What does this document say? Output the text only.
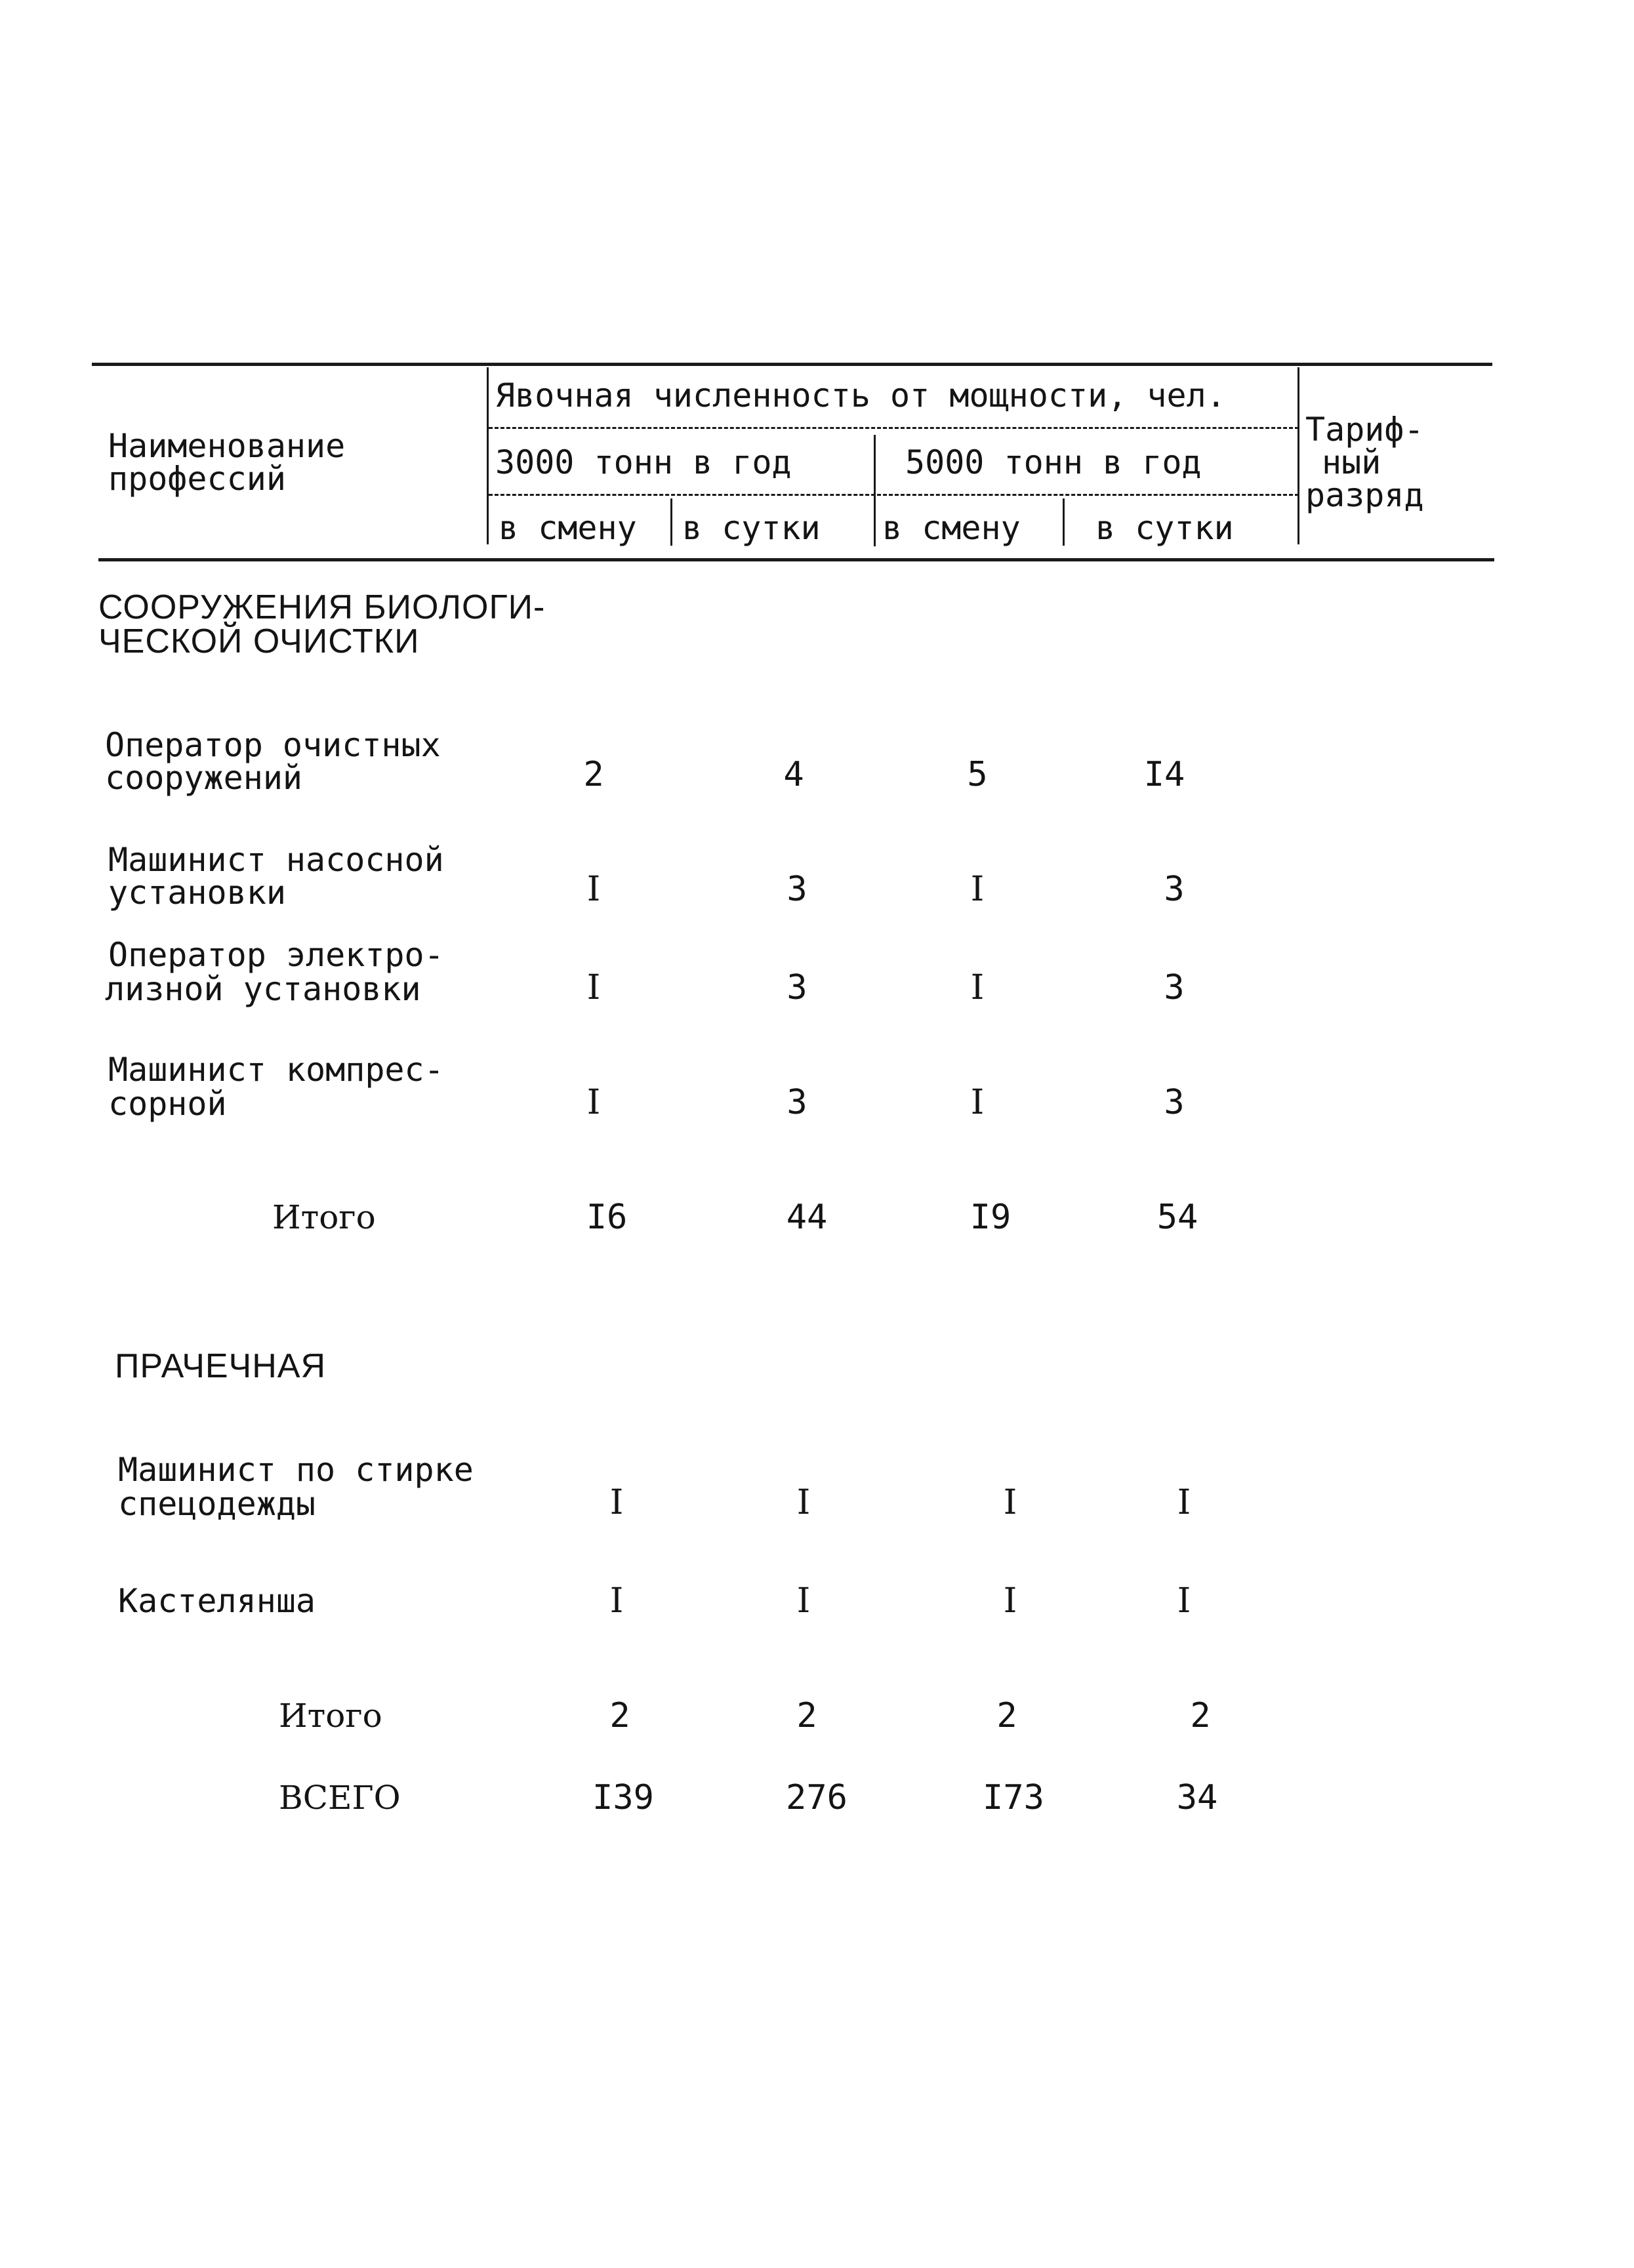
Наименование
профессий
Явочная численность от мощности, чел.
3000 тонн в год	5000 тонн в год
в смену в сутки в смену в сутки
Тариф-
ный
разряд
СООРУЖЕНИЯ БИОЛОГИ-
ЧЕСКОЙ ОЧИСТКИ
Оператор очистных
сооружений	2	4	5	I4
Машинист насосной
установки	I	3	I	3
Оператор электро-
лизной установки	I	3	I	3
Машинист компрес-
сорной	I	3	I	3
Итого	I6	44	I9	54
ПРАЧЕЧНАЯ
Машинист по стирке
спецодежды	I	I	I	I
Кастелянша	I	I	I	I
Итого	2	2	2	2
ВСЕГО	I39	276	I73	34
